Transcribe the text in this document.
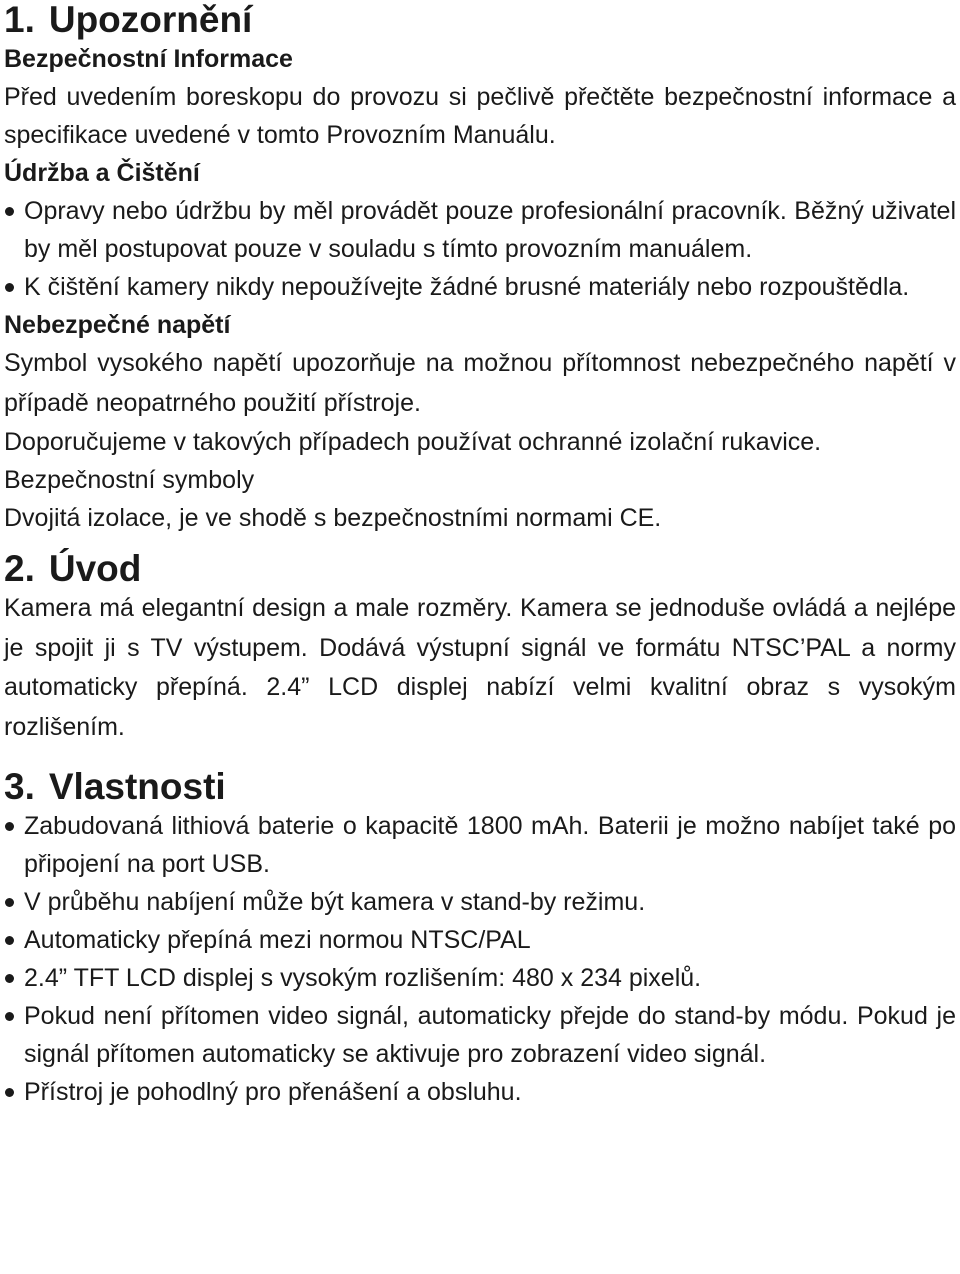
1. Upozornění

Bezpečnostní Informace

Před uvedením boreskopu do provozu si pečlivě přečtěte bezpečnostní informace a specifikace uvedené v tomto Provozním Manuálu.

Údržba a Čištění

Opravy nebo údržbu by měl provádět pouze profesionální pracovník. Běžný uživatel by měl postupovat pouze v souladu s tímto provozním manuálem.
K čištění kamery nikdy nepoužívejte žádné brusné materiály nebo rozpouštědla.

Nebezpečné napětí

Symbol vysokého napětí upozorňuje na možnou přítomnost nebezpečného napětí v případě neopatrného použití přístroje.

Doporučujeme v takových případech používat ochranné izolační rukavice.

Bezpečnostní symboly

Dvojitá izolace, je ve shodě s bezpečnostními normami CE.

2. Úvod

Kamera má elegantní design a male rozměry. Kamera se jednoduše ovládá a nejlépe je spojit ji s TV výstupem. Dodává výstupní signál ve formátu NTSC’PAL a normy automaticky přepíná. 2.4” LCD displej nabízí velmi kvalitní obraz s vysokým rozlišením.

3. Vlastnosti
Zabudovaná lithiová baterie o kapacitě 1800 mAh. Baterii je možno nabíjet také po připojení na port USB.
V průběhu nabíjení může být kamera v stand-by režimu.
Automaticky přepíná mezi normou NTSC/PAL
2.4” TFT LCD displej s vysokým rozlišením: 480 x 234 pixelů.
Pokud není přítomen video signál, automaticky přejde do stand-by módu. Pokud je signál přítomen automaticky se aktivuje pro zobrazení video signál.
Přístroj je pohodlný pro přenášení a obsluhu.
